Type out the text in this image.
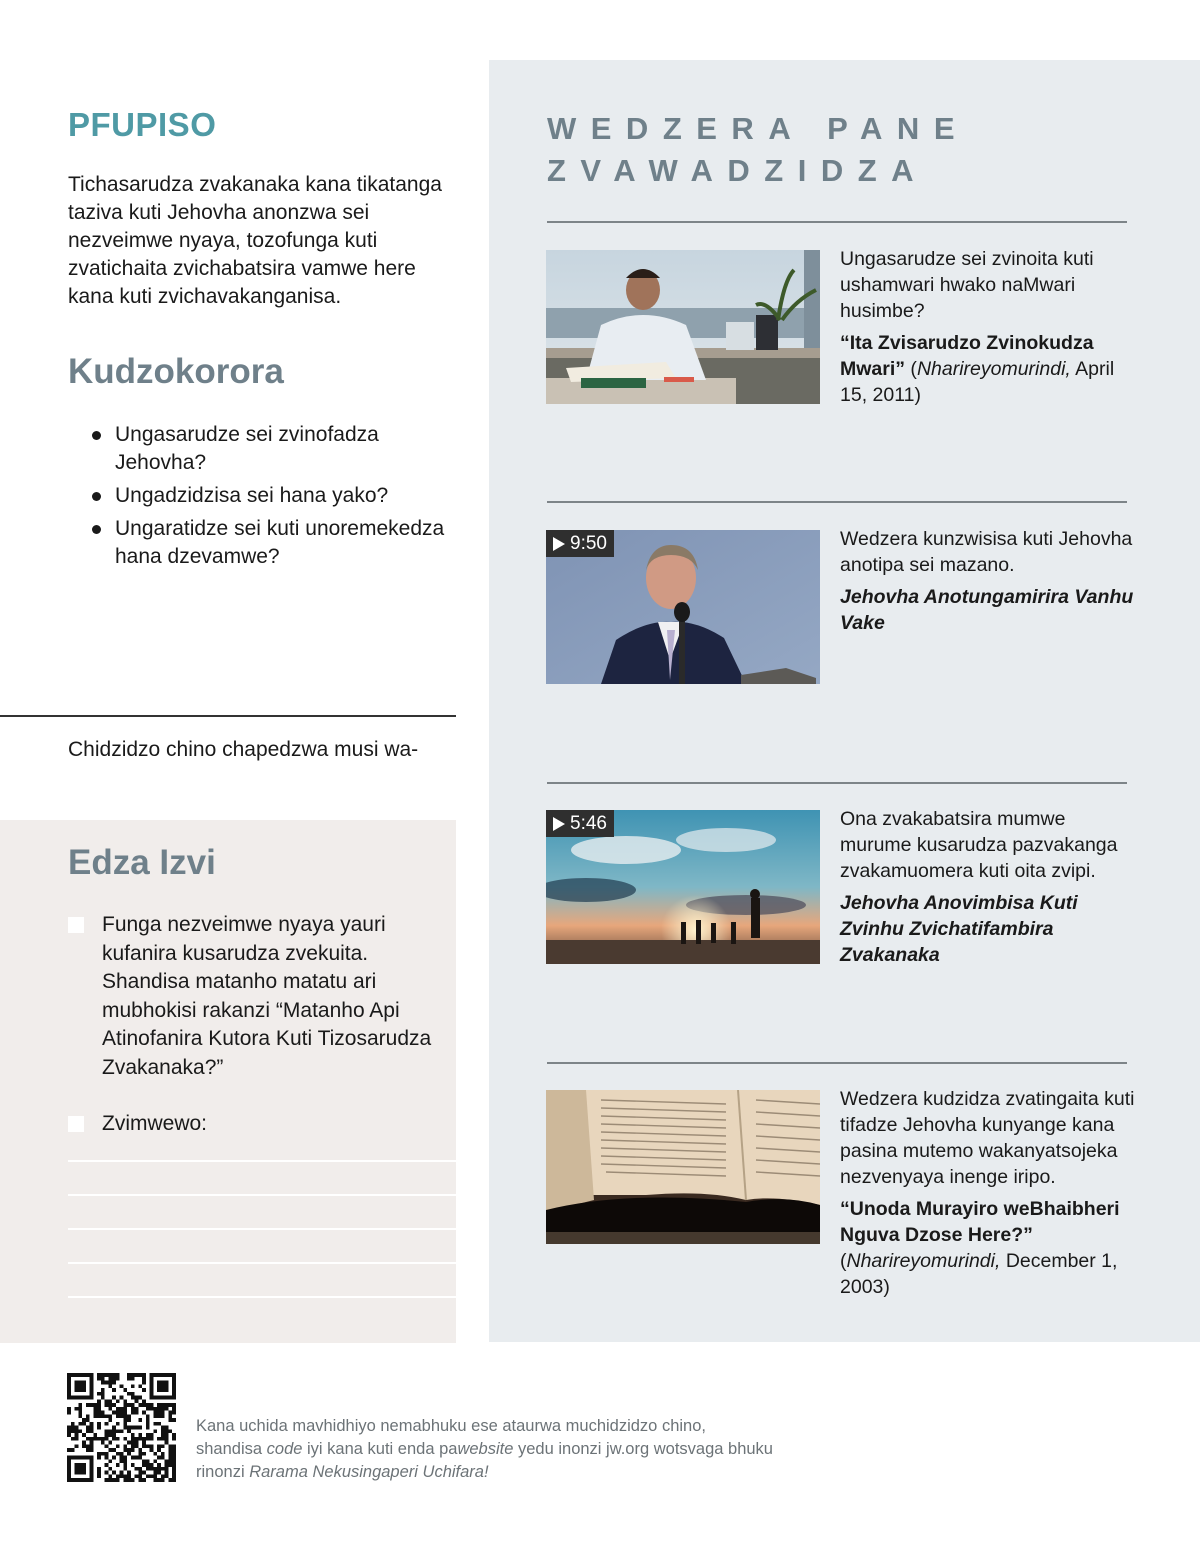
PFUPISO

Tichasarudza zvakanaka kana tikatanga taziva kuti Jehovha anonzwa sei nezveimwe nyaya, tozofunga kuti zvatichaita zvichabatsira vamwe here kana kuti zvichavakanganisa.

Kudzokorora
Ungasarudze sei zvinofadza Jehovha?
Ungadzidzisa sei hana yako?
Ungaratidze sei kuti unoremekedza hana dzevamwe?

Chidzidzo chino chapedzwa musi wa-

Edza Izvi
Funga nezveimwe nyaya yauri kufanira kusarudza zvekuita. Shandisa matanho matatu ari mubhokisi rakanzi “Matanho Api Atinofanira Kutora Kuti Tizosarudza Zvakanaka?”
Zvimwewo:
WEDZERA PANE ZVAWADZIDZA
Ungasarudze sei zvinoita kuti ushamwari hwako naMwari husimbe?
“Ita Zvisarudzo Zvinokudza Mwari” (Nharireyomurindi, April 15, 2011)
9:50	Wedzera kunzwisisa kuti Jehovha anotipa sei mazano.
Jehovha Anotungamirira Vanhu Vake
5:46	Ona zvakabatsira mumwe murume kusarudza pazvakanga zvakamuomera kuti oita zvipi.
Jehovha Anovimbisa Kuti Zvinhu Zvichatifambira Zvakanaka
Wedzera kudzidza zvatingaita kuti tifadze Jehovha kunyange kana pasina mutemo wakanyatsojeka nezvenyaya inenge iripo.
“Unoda Murayiro weBhaibheri Nguva Dzose Here?” (Nharireyomurindi, December 1, 2003)

Kana uchida mavhidhiyo nemabhuku ese ataurwa muchidzidzo chino, shandisa code iyi kana kuti enda pawebsite yedu inonzi jw.org wotsvaga bhuku rinonzi Rarama Nekusingaperi Uchifara!
